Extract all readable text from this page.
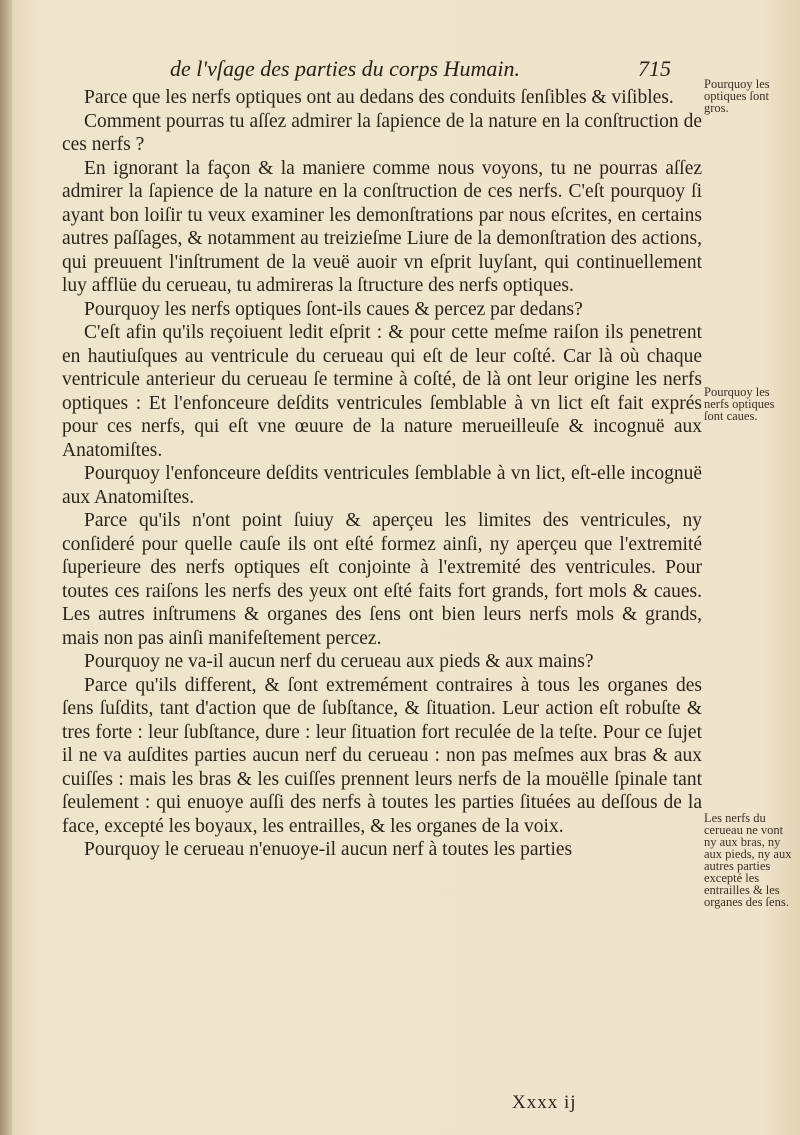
de l'vſage des parties du corps Humain.	715

Parce que les nerfs optiques ont au dedans des conduits ſenſibles & viſibles.

Comment pourras tu aſſez admirer la ſapience de la nature en la conſtruction de ces nerfs ?

En ignorant la façon & la maniere comme nous voyons, tu ne pourras aſſez admirer la ſapience de la nature en la conſtruction de ces nerfs. C'eſt pourquoy ſi ayant bon loiſir tu veux examiner les demonſtrations par nous eſcrites, en certains autres paſſages, & notamment au treizieſme Liure de la demonſtration des actions, qui preuuent l'inſtrument de la veuë auoir vn eſprit luyſant, qui continuellement luy afflüe du cerueau, tu admireras la ſtructure des nerfs optiques.

Pourquoy les nerfs optiques ſont-ils caues & percez par dedans?

C'eſt afin qu'ils reçoiuent ledit eſprit : & pour cette meſme raiſon ils penetrent en hautiuſques au ventricule du cerueau qui eſt de leur coſté. Car là où chaque ventricule anterieur du cerueau ſe termine à coſté, de là ont leur origine les nerfs optiques : Et l'enfonceure deſdits ventricules ſemblable à vn lict eſt fait exprés pour ces nerfs, qui eſt vne œuure de la nature merueilleuſe & incognuë aux Anatomiſtes.

Pourquoy l'enfonceure deſdits ventricules ſemblable à vn lict, eſt-elle incognuë aux Anatomiſtes.

Parce qu'ils n'ont point ſuiuy & aperçeu les limites des ventricules, ny conſideré pour quelle cauſe ils ont eſté formez ainſi, ny aperçeu que l'extremité ſuperieure des nerfs optiques eſt conjointe à l'extremité des ventricules. Pour toutes ces raiſons les nerfs des yeux ont eſté faits fort grands, fort mols & caues. Les autres inſtrumens & organes des ſens ont bien leurs nerfs mols & grands, mais non pas ainſi manifeſtement percez.

Pourquoy ne va-il aucun nerf du cerueau aux pieds & aux mains?

Parce qu'ils different, & ſont extremément contraires à tous les organes des ſens ſuſdits, tant d'action que de ſubſtance, & ſituation. Leur action eſt robuſte & tres forte : leur ſubſtance, dure : leur ſituation fort reculée de la teſte. Pour ce ſujet il ne va auſdites parties aucun nerf du cerueau : non pas meſmes aux bras & aux cuiſſes : mais les bras & les cuiſſes prennent leurs nerfs de la mouëlle ſpinale tant ſeulement : qui enuoye auſſi des nerfs à toutes les parties ſituées au deſſous de la face, excepté les boyaux, les entrailles, & les organes de la voix.

Pourquoy le cerueau n'enuoye-il aucun nerf à toutes les parties

Pourquoy les optiques ſont gros.
Pourquoy les nerfs optiques ſont caues.
Les nerfs du cerueau ne vont ny aux bras, ny aux pieds, ny aux autres parties excepté les entrailles & les organes des ſens.
Xxxx ij
